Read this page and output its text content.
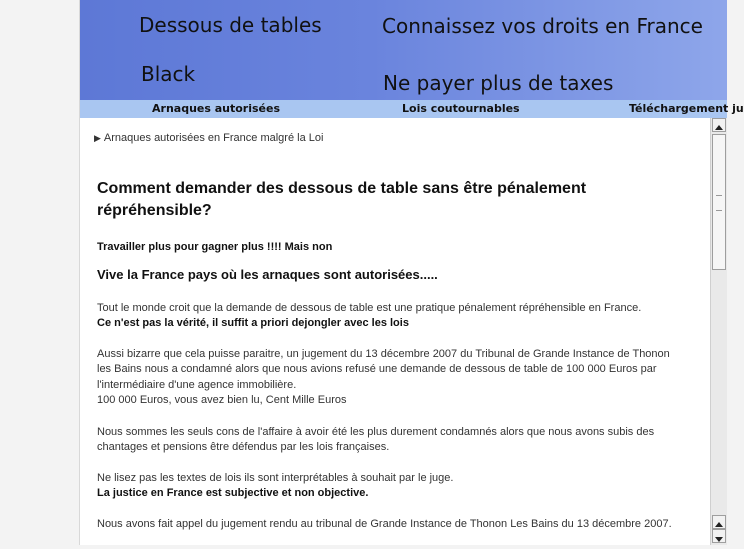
Dessous de tables
Black
Connaissez vos droits en France
Ne payer plus de taxes
Arnaques autorisées	Lois coutournables	Téléchargement ju
▶ Arnaques autorisées en France malgré la Loi
Comment demander des dessous de table sans être pénalement répréhensible?
Travailler plus pour gagner plus !!!! Mais non
Vive la France pays où les arnaques sont autorisées.....
Tout le monde croit que la demande de dessous de table est une pratique pénalement répréhensible en France.
Ce n'est pas la vérité, il suffit a priori dejongler avec les lois
Aussi bizarre que cela puisse paraitre, un jugement du 13 décembre 2007 du Tribunal de Grande Instance de Thonon
les Bains nous a condamné alors que nous avions refusé une demande de dessous de table de 100 000 Euros par
l'intermédiaire d'une agence immobilière.
100 000 Euros, vous avez bien lu, Cent Mille Euros
Nous sommes les seuls cons de l'affaire à avoir été les plus durement condamnés alors que nous avons subis des
chantages et pensions être défendus par les lois françaises.
Ne lisez pas les textes de lois ils sont interprétables à souhait par le juge.
La justice en France est subjective et non objective.
Nous avons fait appel du jugement rendu au tribunal de Grande Instance de Thonon Les Bains du 13 décembre 2007.
